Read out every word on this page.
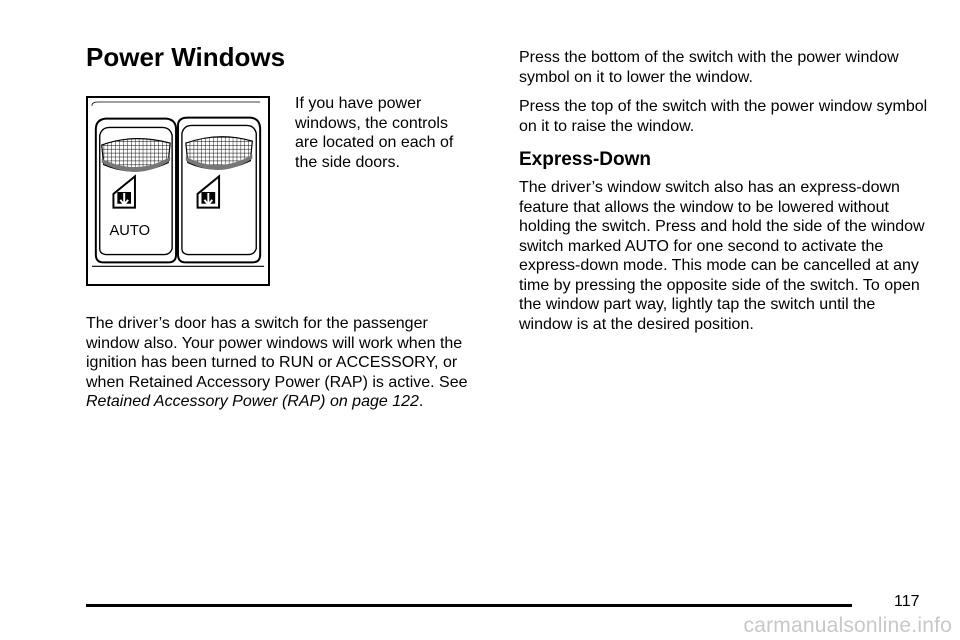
Power Windows
AUTO

If you have power windows, the controls are located on each of the side doors.

The driver’s door has a switch for the passenger window also. Your power windows will work when the ignition has been turned to RUN or ACCESSORY, or when Retained Accessory Power (RAP) is active. See Retained Accessory Power (RAP) on page 122.

Press the bottom of the switch with the power window symbol on it to lower the window.

Press the top of the switch with the power window symbol on it to raise the window.

Express-Down

The driver’s window switch also has an express-down feature that allows the window to be lowered without holding the switch. Press and hold the side of the window switch marked AUTO for one second to activate the express-down mode. This mode can be cancelled at any time by pressing the opposite side of the switch. To open the window part way, lightly tap the switch until the window is at the desired position.

117
carmanualsonline.info
